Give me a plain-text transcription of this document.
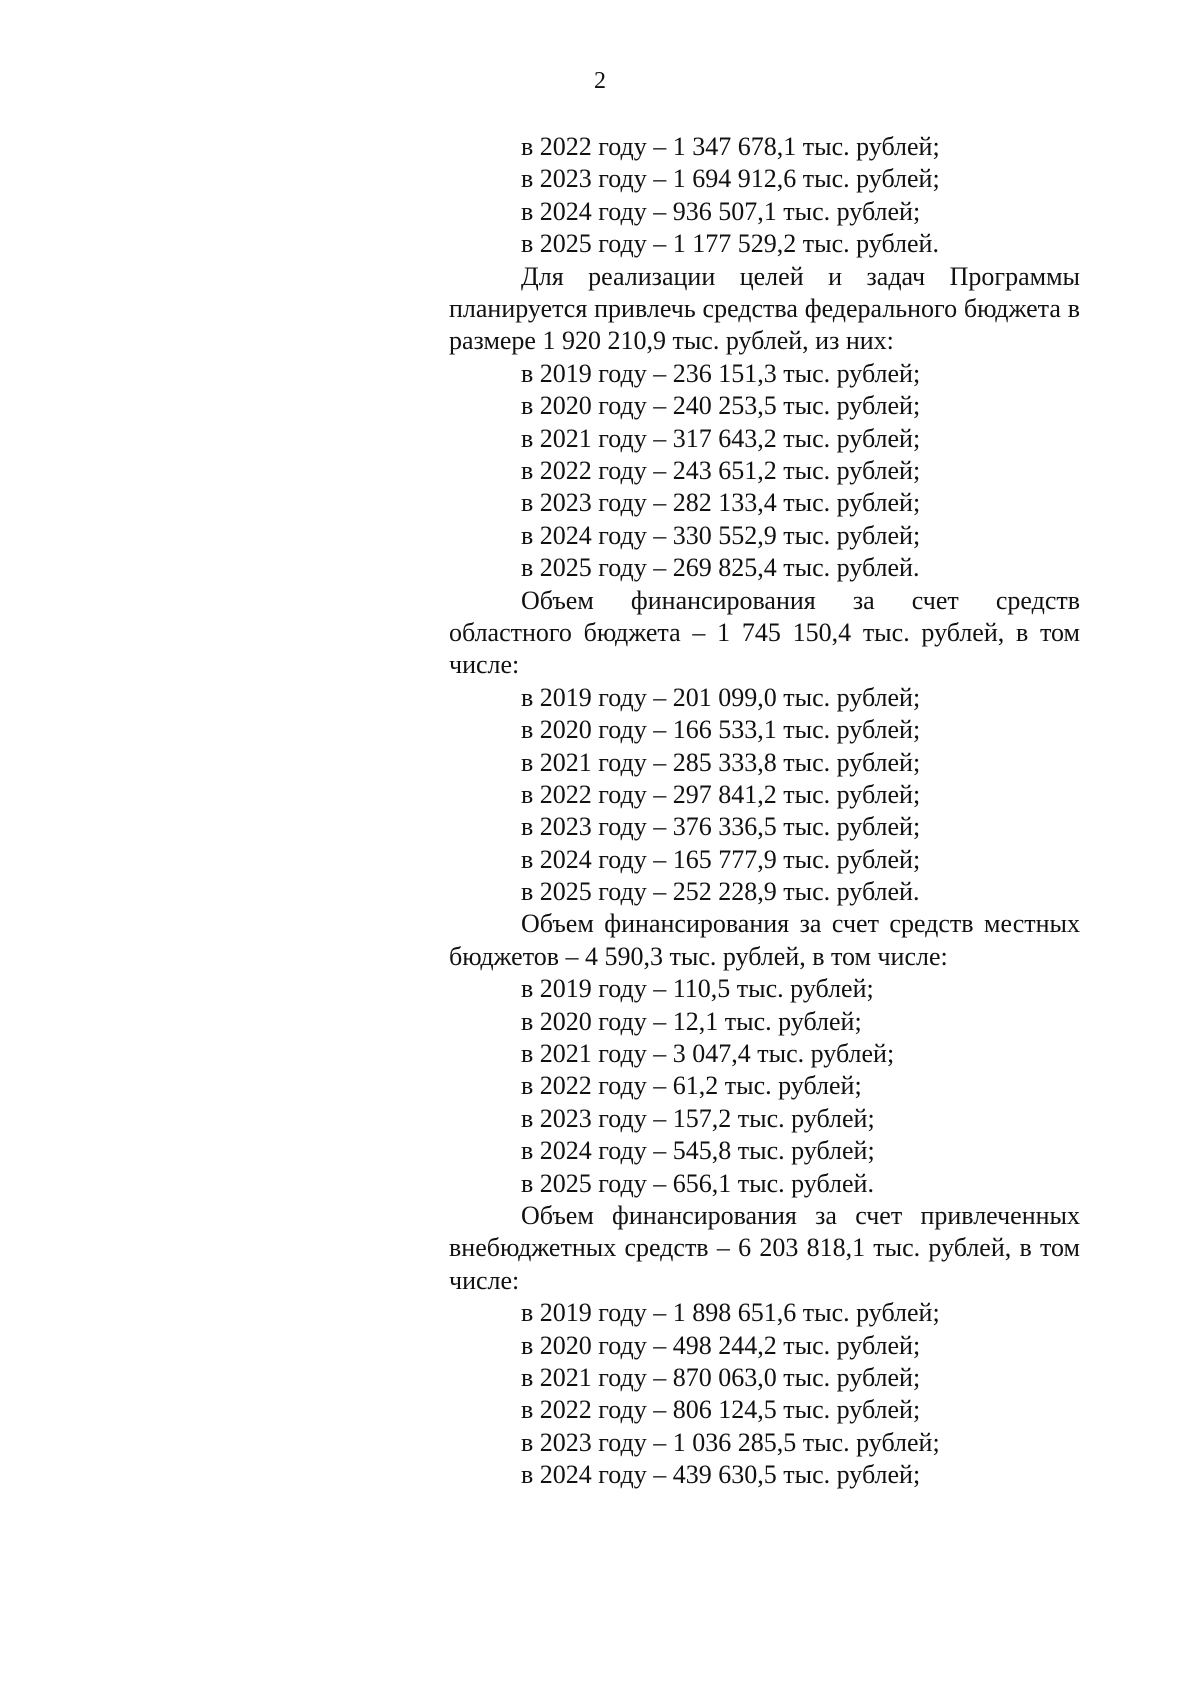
2
в 2022 году – 1 347 678,1 тыс. рублей;
в 2023 году – 1 694 912,6 тыс. рублей;
в 2024 году – 936 507,1 тыс. рублей;
в 2025 году – 1 177 529,2 тыс. рублей.
Для реализации целей и задач Программы планируется привлечь средства федерального бюджета в размере 1 920 210,9 тыс. рублей, из них:
в 2019 году – 236 151,3 тыс. рублей;
в 2020 году – 240 253,5 тыс. рублей;
в 2021 году – 317 643,2 тыс. рублей;
в 2022 году – 243 651,2 тыс. рублей;
в 2023 году – 282 133,4 тыс. рублей;
в 2024 году – 330 552,9 тыс. рублей;
в 2025 году – 269 825,4 тыс. рублей.
Объем финансирования за счет средств областного бюджета – 1 745 150,4 тыс. рублей, в том числе:
в 2019 году – 201 099,0 тыс. рублей;
в 2020 году – 166 533,1 тыс. рублей;
в 2021 году – 285 333,8 тыс. рублей;
в 2022 году – 297 841,2 тыс. рублей;
в 2023 году – 376 336,5 тыс. рублей;
в 2024 году – 165 777,9 тыс. рублей;
в 2025 году – 252 228,9 тыс. рублей.
Объем финансирования за счет средств местных бюджетов – 4 590,3 тыс. рублей, в том числе:
в 2019 году – 110,5 тыс. рублей;
в 2020 году – 12,1 тыс. рублей;
в 2021 году – 3 047,4 тыс. рублей;
в 2022 году – 61,2 тыс. рублей;
в 2023 году – 157,2 тыс. рублей;
в 2024 году – 545,8 тыс. рублей;
в 2025 году – 656,1 тыс. рублей.
Объем финансирования за счет привлеченных внебюджетных средств – 6 203 818,1 тыс. рублей, в том числе:
в 2019 году – 1 898 651,6 тыс. рублей;
в 2020 году – 498 244,2 тыс. рублей;
в 2021 году – 870 063,0 тыс. рублей;
в 2022 году – 806 124,5 тыс. рублей;
в 2023 году – 1 036 285,5 тыс. рублей;
в 2024 году – 439 630,5 тыс. рублей;
